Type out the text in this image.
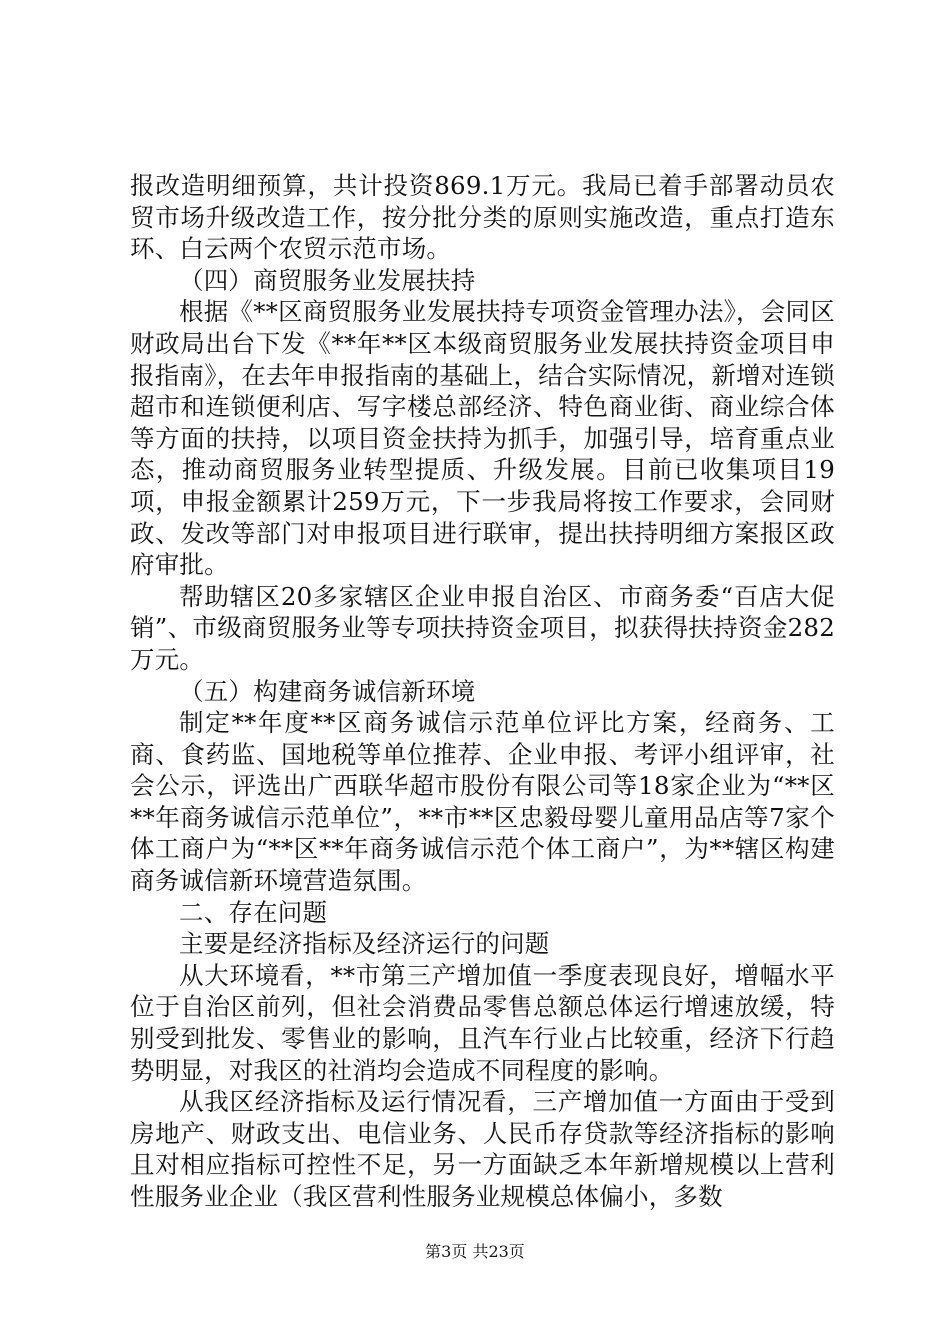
报改造明细预算，共计投资869.1万元。我局已着手部署动员农贸市场升级改造工作，按分批分类的原则实施改造，重点打造东环、白云两个农贸示范市场。

（四）商贸服务业发展扶持

根据《**区商贸服务业发展扶持专项资金管理办法》，会同区财政局出台下发《**年**区本级商贸服务业发展扶持资金项目申报指南》，在去年申报指南的基础上，结合实际情况，新增对连锁超市和连锁便利店、写字楼总部经济、特色商业街、商业综合体等方面的扶持，以项目资金扶持为抓手，加强引导，培育重点业态，推动商贸服务业转型提质、升级发展。目前已收集项目19项，申报金额累计259万元，下一步我局将按工作要求，会同财政、发改等部门对申报项目进行联审，提出扶持明细方案报区政府审批。

帮助辖区20多家辖区企业申报自治区、市商务委“百店大促销”、市级商贸服务业等专项扶持资金项目，拟获得扶持资金282万元。

（五）构建商务诚信新环境

制定**年度**区商务诚信示范单位评比方案，经商务、工商、食药监、国地税等单位推荐、企业申报、考评小组评审，社会公示，评选出广西联华超市股份有限公司等18家企业为“**区**年商务诚信示范单位”，**市**区忠毅母婴儿童用品店等7家个体工商户为“**区**年商务诚信示范个体工商户”，为**辖区构建商务诚信新环境营造氛围。

二、存在问题

主要是经济指标及经济运行的问题

从大环境看，**市第三产增加值一季度表现良好，增幅水平位于自治区前列，但社会消费品零售总额总体运行增速放缓，特别受到批发、零售业的影响，且汽车行业占比较重，经济下行趋势明显，对我区的社消均会造成不同程度的影响。

从我区经济指标及运行情况看，三产增加值一方面由于受到房地产、财政支出、电信业务、人民币存贷款等经济指标的影响且对相应指标可控性不足，另一方面缺乏本年新增规模以上营利性服务业企业（我区营利性服务业规模总体偏小，多数

第3页 共23页
